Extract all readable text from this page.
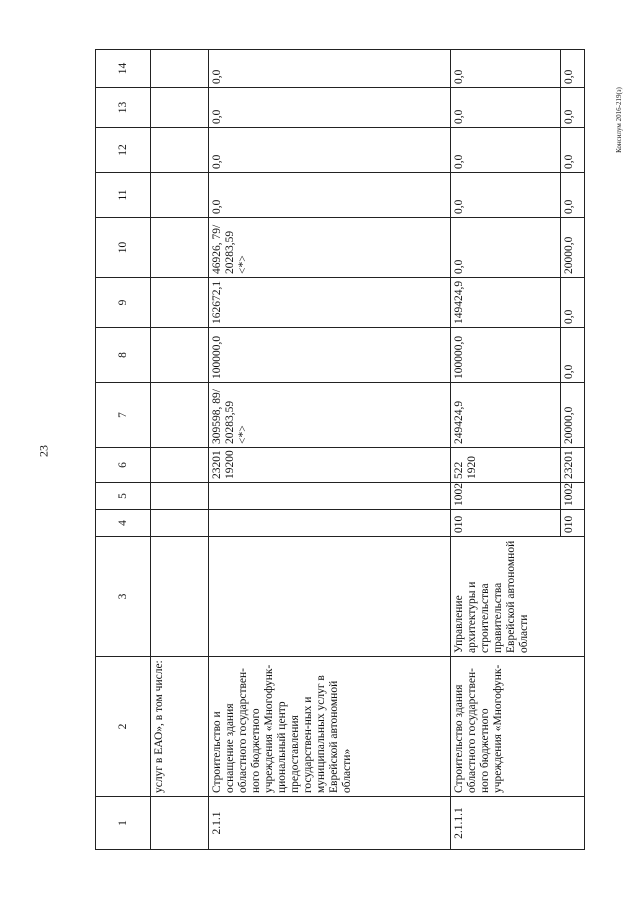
23
Консилум 2016-219(з)
1	2	3	4	5	6	7	8	9	10	11	12	13	14
	услуг в ЕАО», в том числе:												
2.1.1	Строительство и оснащение здания областного государствен-ного бюджетного учреждения «Многофунк-циональный центр предоставления государствен-ных и муниципальных услуг в Еврейской автономной области»				23201 19200	309598, 89/ 20283,59 <*>	100000,0	162672,1	46926, 79/ 20283,59 <*>	0,0	0,0	0,0	0,0
2.1.1.1	Строительство здания областного государствен-ного бюджетного учреждения «Многофунк-	Управление архитектуры и строительства правительства Еврейской автономной области	010	1002	522 1920	249424,9	100000,0	149424,9	0,0	0,0	0,0	0,0	0,0
			010	1002	23201	20000,0	0,0	0,0	20000,0	0,0	0,0	0,0	0,0
